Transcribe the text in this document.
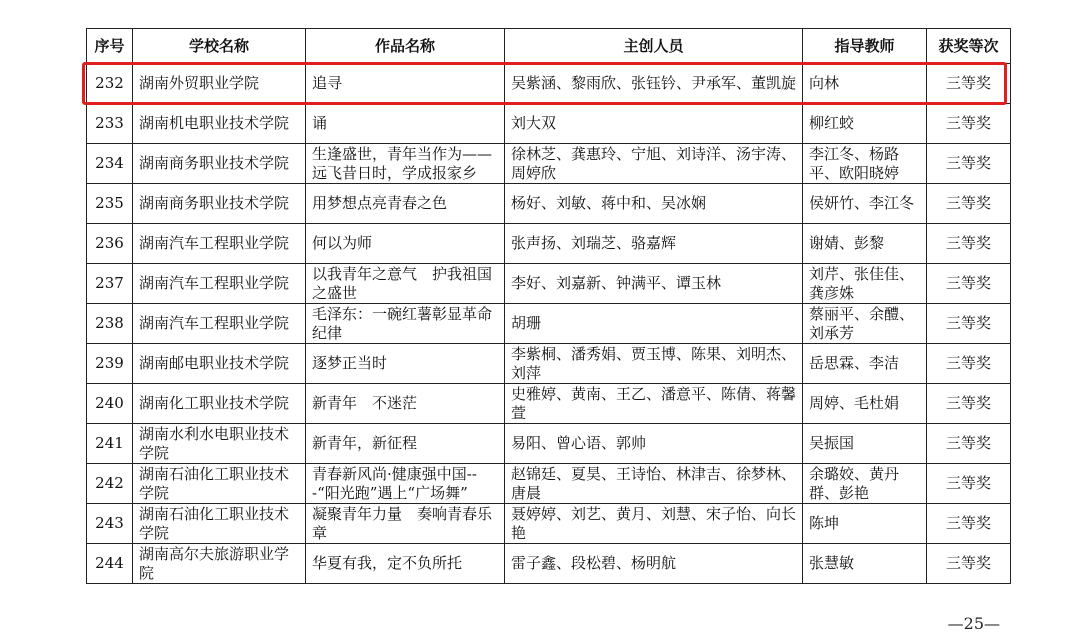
序号	学校名称	作品名称	主创人员	指导教师	获奖等次

232	湖南外贸职业学院	追寻	吴紫涵、黎雨欣、张钰钤、尹承军、董凯旋	向林	三等奖

233	湖南机电职业技术学院	诵	刘大双	柳红蛟	三等奖

234	湖南商务职业技术学院	生逢盛世，青年当作为——远飞昔日时，学成报家乡	徐林芝、龚惠玲、宁旭、刘诗洋、汤宇涛、周婷欣	李江冬、杨路平、欧阳晓婷	三等奖

235	湖南商务职业技术学院	用梦想点亮青春之色	杨好、刘敏、蒋中和、吴冰娴	侯妍竹、李江冬	三等奖

236	湖南汽车工程职业学院	何以为师	张声扬、刘瑞芝、骆嘉辉	谢婧、彭黎	三等奖

237	湖南汽车工程职业学院	以我青年之意气　护我祖国之盛世	李好、刘嘉新、钟满平、谭玉林	刘芹、张佳佳、龚彦姝	三等奖

238	湖南汽车工程职业学院	毛泽东：一碗红薯彰显革命纪律	胡珊	蔡丽平、余醴、刘承芳	三等奖

239	湖南邮电职业技术学院	逐梦正当时	李紫桐、潘秀娟、贾玉博、陈果、刘明杰、刘萍	岳思霖、李洁	三等奖

240	湖南化工职业技术学院	新青年　不迷茫	史雅婷、黄南、王乙、潘意平、陈倩、蒋馨萱	周婷、毛杜娟	三等奖

241	湖南水利水电职业技术学院	新青年，新征程	易阳、曾心语、郭帅	吴振国	三等奖

242	湖南石油化工职业技术学院	青春新风尚·健康强中国---“阳光跑”遇上“广场舞”	赵锦廷、夏昊、王诗怡、林津吉、徐梦林、唐晨	余璐姣、黄丹群、彭艳	三等奖

243	湖南石油化工职业技术学院	凝聚青年力量　奏响青春乐章	聂婷婷、刘艺、黄月、刘慧、宋子怡、向长艳	陈坤	三等奖

244	湖南高尔夫旅游职业学院	华夏有我，定不负所托	雷子鑫、段松碧、杨明航	张慧敏	三等奖
—25—
